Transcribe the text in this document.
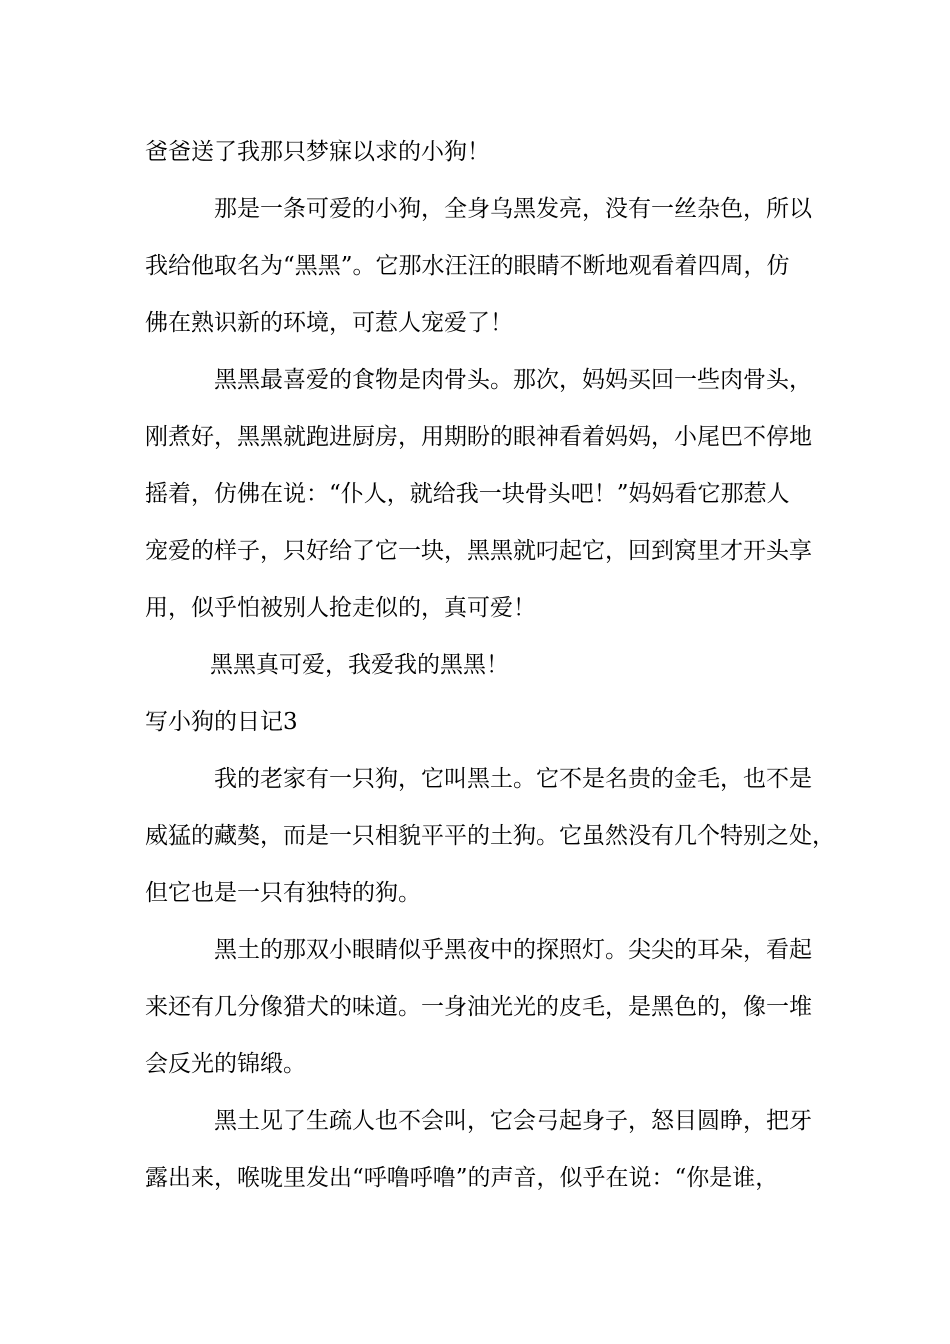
爸爸送了我那只梦寐以求的小狗！
那是一条可爱的小狗，全身乌黑发亮，没有一丝杂色，所以
我给他取名为“黑黑”。它那水汪汪的眼睛不断地观看着四周，仿
佛在熟识新的环境，可惹人宠爱了！
黑黑最喜爱的食物是肉骨头。那次，妈妈买回一些肉骨头，
刚煮好，黑黑就跑进厨房，用期盼的眼神看着妈妈，小尾巴不停地
摇着，仿佛在说：“仆人，就给我一块骨头吧！”妈妈看它那惹人
宠爱的样子，只好给了它一块，黑黑就叼起它，回到窝里才开头享
用，似乎怕被别人抢走似的，真可爱！
黑黑真可爱，我爱我的黑黑！
写小狗的日记3
我的老家有一只狗，它叫黑土。它不是名贵的金毛，也不是
威猛的藏獒，而是一只相貌平平的土狗。它虽然没有几个特别之处，
但它也是一只有独特的狗。
黑土的那双小眼睛似乎黑夜中的探照灯。尖尖的耳朵，看起
来还有几分像猎犬的味道。一身油光光的皮毛，是黑色的，像一堆
会反光的锦缎。
黑土见了生疏人也不会叫，它会弓起身子，怒目圆睁，把牙
露出来，喉咙里发出“呼噜呼噜”的声音，似乎在说：“你是谁，
